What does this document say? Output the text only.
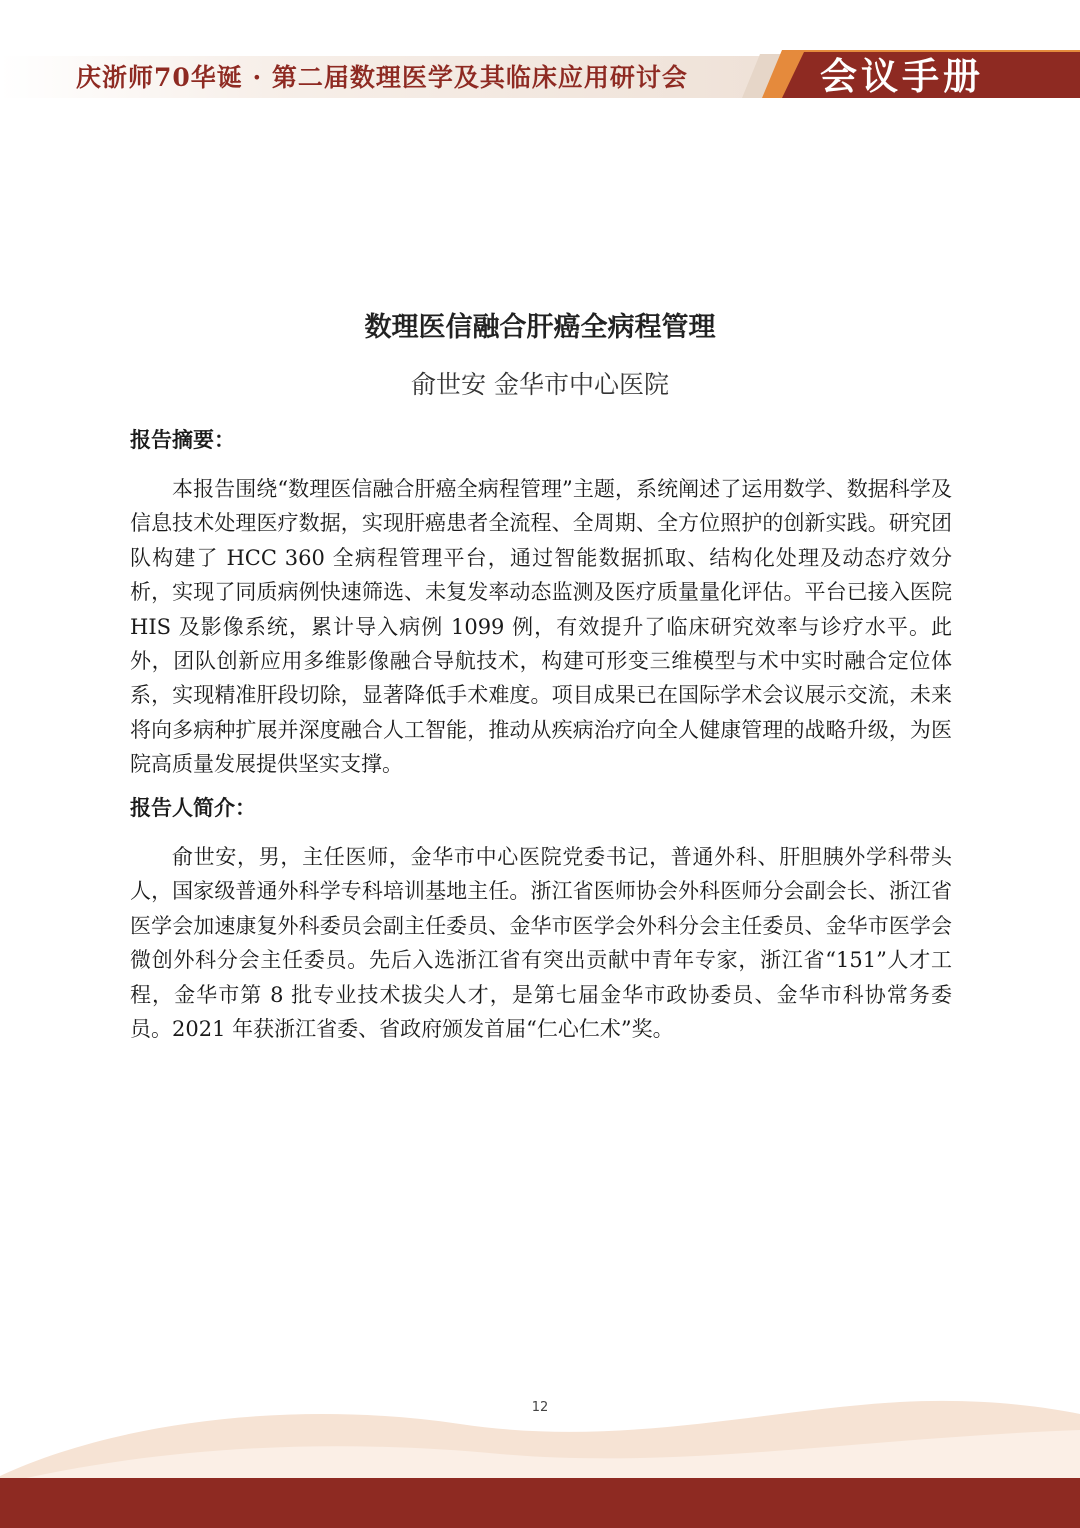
庆浙师70华诞 · 第二届数理医学及其临床应用研讨会	会议手册
数理医信融合肝癌全病程管理
俞世安 金华市中心医院
报告摘要：

本报告围绕“数理医信融合肝癌全病程管理”主题，系统阐述了运用数学、数据科学及信息技术处理医疗数据，实现肝癌患者全流程、全周期、全方位照护的创新实践。研究团队构建了 HCC 360 全病程管理平台，通过智能数据抓取、结构化处理及动态疗效分析，实现了同质病例快速筛选、未复发率动态监测及医疗质量量化评估。平台已接入医院 HIS 及影像系统，累计导入病例 1099 例，有效提升了临床研究效率与诊疗水平。此外，团队创新应用多维影像融合导航技术，构建可形变三维模型与术中实时融合定位体系，实现精准肝段切除，显著降低手术难度。项目成果已在国际学术会议展示交流，未来将向多病种扩展并深度融合人工智能，推动从疾病治疗向全人健康管理的战略升级，为医院高质量发展提供坚实支撑。

报告人简介：

俞世安，男，主任医师，金华市中心医院党委书记，普通外科、肝胆胰外学科带头人，国家级普通外科学专科培训基地主任。浙江省医师协会外科医师分会副会长、浙江省医学会加速康复外科委员会副主任委员、金华市医学会外科分会主任委员、金华市医学会微创外科分会主任委员。先后入选浙江省有突出贡献中青年专家，浙江省“151”人才工程，金华市第 8 批专业技术拔尖人才，是第七届金华市政协委员、金华市科协常务委员。2021 年获浙江省委、省政府颁发首届“仁心仁术”奖。

12
